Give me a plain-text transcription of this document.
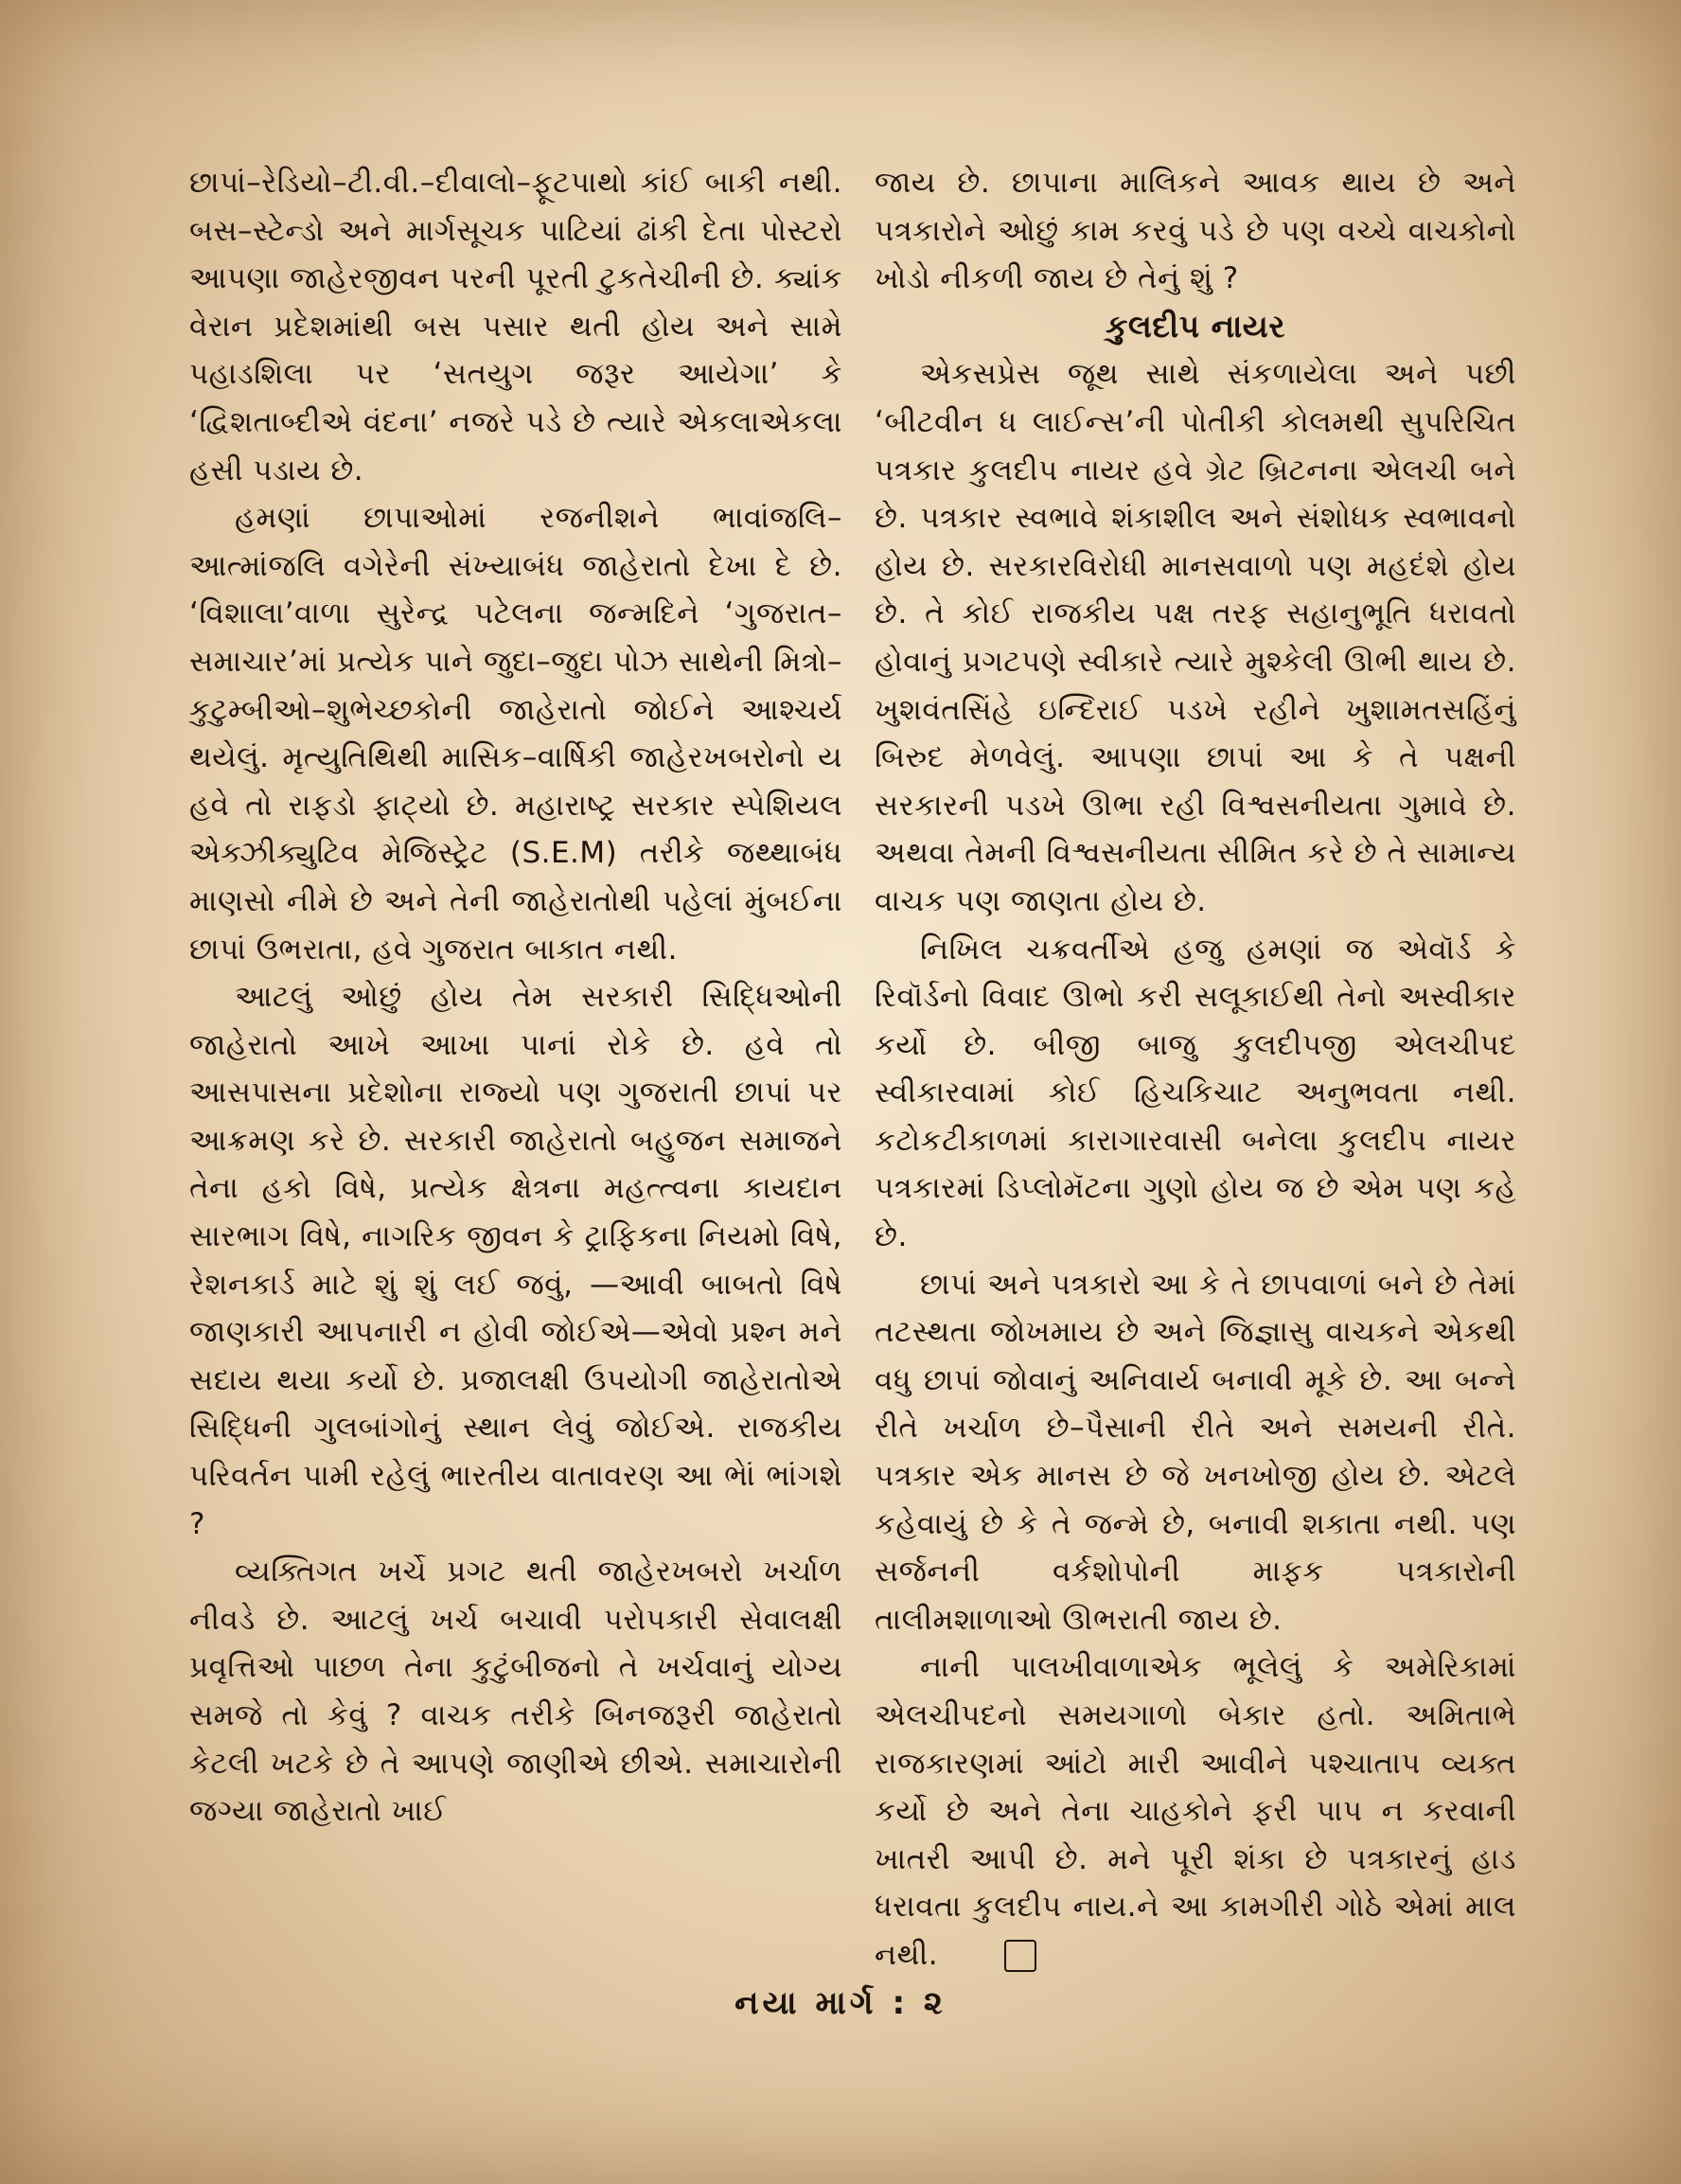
છાપાં–રેડિયો–ટી.વી.–દીવાલો–ફૂટપાથો કાંઈ બાકી નથી. બસ–સ્ટેન્ડો અને માર્ગસૂચક પાટિયાં ઢાંકી દેતા પોસ્ટરો આપણા જાહેરજીવન પરની પૂરતી ટુકતેચીની છે. ક્યાંક વેરાન પ્રદેશમાંથી બસ પસાર થતી હોય અને સામે પહાડશિલા પર ‘સતયુગ જરૂર આયેગા’ કે ‘દ્વિશતાબ્દીએ વંદના’ નજરે પડે છે ત્યારે એકલાએકલા હસી પડાય છે.

હમણાં છાપાઓમાં રજનીશને ભાવાંજલિ–આત્માંજલિ વગેરેની સંખ્યાબંધ જાહેરાતો દેખા દે છે. ‘વિશાલા’વાળા સુરેન્દ્ર પટેલના જન્મદિને ‘ગુજરાત–સમાચાર’માં પ્રત્યેક પાને જુદા–જુદા પોઝ સાથેની મિત્રો–કુટુમ્બીઓ–શુભેચ્છકોની જાહેરાતો જોઈને આશ્ચર્ય થયેલું. મૃત્યુતિથિથી માસિક–વાર્ષિકી જાહેરખબરોનો ય હવે તો રાફડો ફાટ્યો છે. મહારાષ્ટ્ર સરકાર સ્પેશિયલ એક્ઝીક્યુટિવ મેજિસ્ટ્રેટ (S.E.M) તરીકે જથ્થાબંધ માણસો નીમે છે અને તેની જાહેરાતોથી પહેલાં મુંબઈના છાપાં ઉભરાતા, હવે ગુજરાત બાકાત નથી.

આટલું ઓછું હોય તેમ સરકારી સિદ્ધિઓની જાહેરાતો આખે આખા પાનાં રોકે છે. હવે તો આસપાસના પ્રદેશોના રાજ્યો પણ ગુજરાતી છાપાં પર આક્રમણ કરે છે. સરકારી જાહેરાતો બહુજન સમાજને તેના હકો વિષે, પ્રત્યેક ક્ષેત્રના મહત્ત્વના કાયદાન સારભાગ વિષે, નાગરિક જીવન કે ટ્રાફિકના નિયમો વિષે, રેશનકાર્ડ માટે શું શું લઈ જવું, —આવી બાબતો વિષે જાણકારી આપનારી ન હોવી જોઈએ—એવો પ્રશ્ન મને સદાય થયા કર્યો છે. પ્રજાલક્ષી ઉપયોગી જાહેરાતોએ સિદ્ધિની ગુલબાંગોનું સ્થાન લેવું જોઈએ. રાજકીય પરિવર્તન પામી રહેલું ભારતીય વાતાવરણ આ ભેાં ભાંગશે ?

વ્યક્તિગત ખર્ચે પ્રગટ થતી જાહેરખબરો ખર્ચાળ નીવડે છે. આટલું ખર્ચ બચાવી પરોપકારી સેવાલક્ષી પ્રવૃત્તિઓ પાછળ તેના કુટુંબીજનો તે ખર્ચવાનું યોગ્ય સમજે તો કેવું ? વાચક તરીકે બિનજરૂરી જાહેરાતો કેટલી ખટકે છે તે આપણે જાણીએ છીએ. સમાચારોની જગ્યા જાહેરાતો ખાઈ

જાય છે. છાપાના માલિકને આવક થાય છે અને પત્રકારોને ઓછું કામ કરવું પડે છે પણ વચ્ચે વાચકોનો ખોડો નીકળી જાય છે તેનું શું ?

કુલદીપ નાયર

એકસપ્રેસ જૂથ સાથે સંકળાયેલા અને પછી ‘બીટવીન ધ લાઈન્સ’ની પોતીકી કોલમથી સુપરિચિત પત્રકાર કુલદીપ નાયર હવે ગ્રેટ બ્રિટનના એલચી બને છે. પત્રકાર સ્વભાવે શંકાશીલ અને સંશોધક સ્વભાવનો હોય છે. સરકારવિરોધી માનસવાળો પણ મહદંશે હોય છે. તે કોઈ રાજકીય પક્ષ તરફ સહાનુભૂતિ ધરાવતો હોવાનું પ્રગટપણે સ્વીકારે ત્યારે મુશ્કેલી ઊભી થાય છે. ખુશવંતસિંહે ઇન્દિરાઈ પડખે રહીને ખુશામતસહિંનું બિરુદ મેળવેલું. આપણા છાપાં આ કે તે પક્ષની સરકારની પડખે ઊભા રહી વિશ્વસનીયતા ગુમાવે છે. અથવા તેમની વિશ્વસનીયતા સીમિત કરે છે તે સામાન્ય વાચક પણ જાણતા હોય છે.

નિખિલ ચક્રવર્તીએ હજુ હમણાં જ એવૉર્ડ કે રિવૉર્ડનો વિવાદ ઊભો કરી સલૂકાઈથી તેનો અસ્વીકાર કર્યો છે. બીજી બાજુ કુલદીપજી એલચીપદ સ્વીકારવામાં કોઈ હિચકિચાટ અનુભવતા નથી. કટોકટીકાળમાં કારાગારવાસી બનેલા કુલદીપ નાયર પત્રકારમાં ડિપ્લોમૅટના ગુણો હોય જ છે એમ પણ કહે છે.

છાપાં અને પત્રકારો આ કે તે છાપવાળાં બને છે તેમાં તટસ્થતા જોખમાય છે અને જિજ્ઞાસુ વાચકને એકથી વધુ છાપાં જોવાનું અનિવાર્ય બનાવી મૂકે છે. આ બન્ને રીતે ખર્ચાળ છે–પૈસાની રીતે અને સમયની રીતે. પત્રકાર એક માનસ છે જે ખનખોજી હોય છે. એટલે કહેવાયું છે કે તે જન્મે છે, બનાવી શકાતા નથી. પણ સર્જનની વર્કશોપોની માફક પત્રકારોની તાલીમશાળાઓ ઊભરાતી જાય છે.

નાની પાલખીવાળાએક ભૂલેલું કે અમેરિકામાં એલચીપદનો સમયગાળો બેકાર હતો. અમિતાભે રાજકારણમાં આંટો મારી આવીને પશ્ચાતાપ વ્યક્ત કર્યો છે અને તેના ચાહકોને ફરી પાપ ન કરવાની ખાતરી આપી છે. મને પૂરી શંકા છે પત્રકારનું હાડ ધરાવતા કુલદીપ નાય.ને આ કામગીરી ગોઠે એમાં માલ નથી.

નયા માર્ગ : ૨
